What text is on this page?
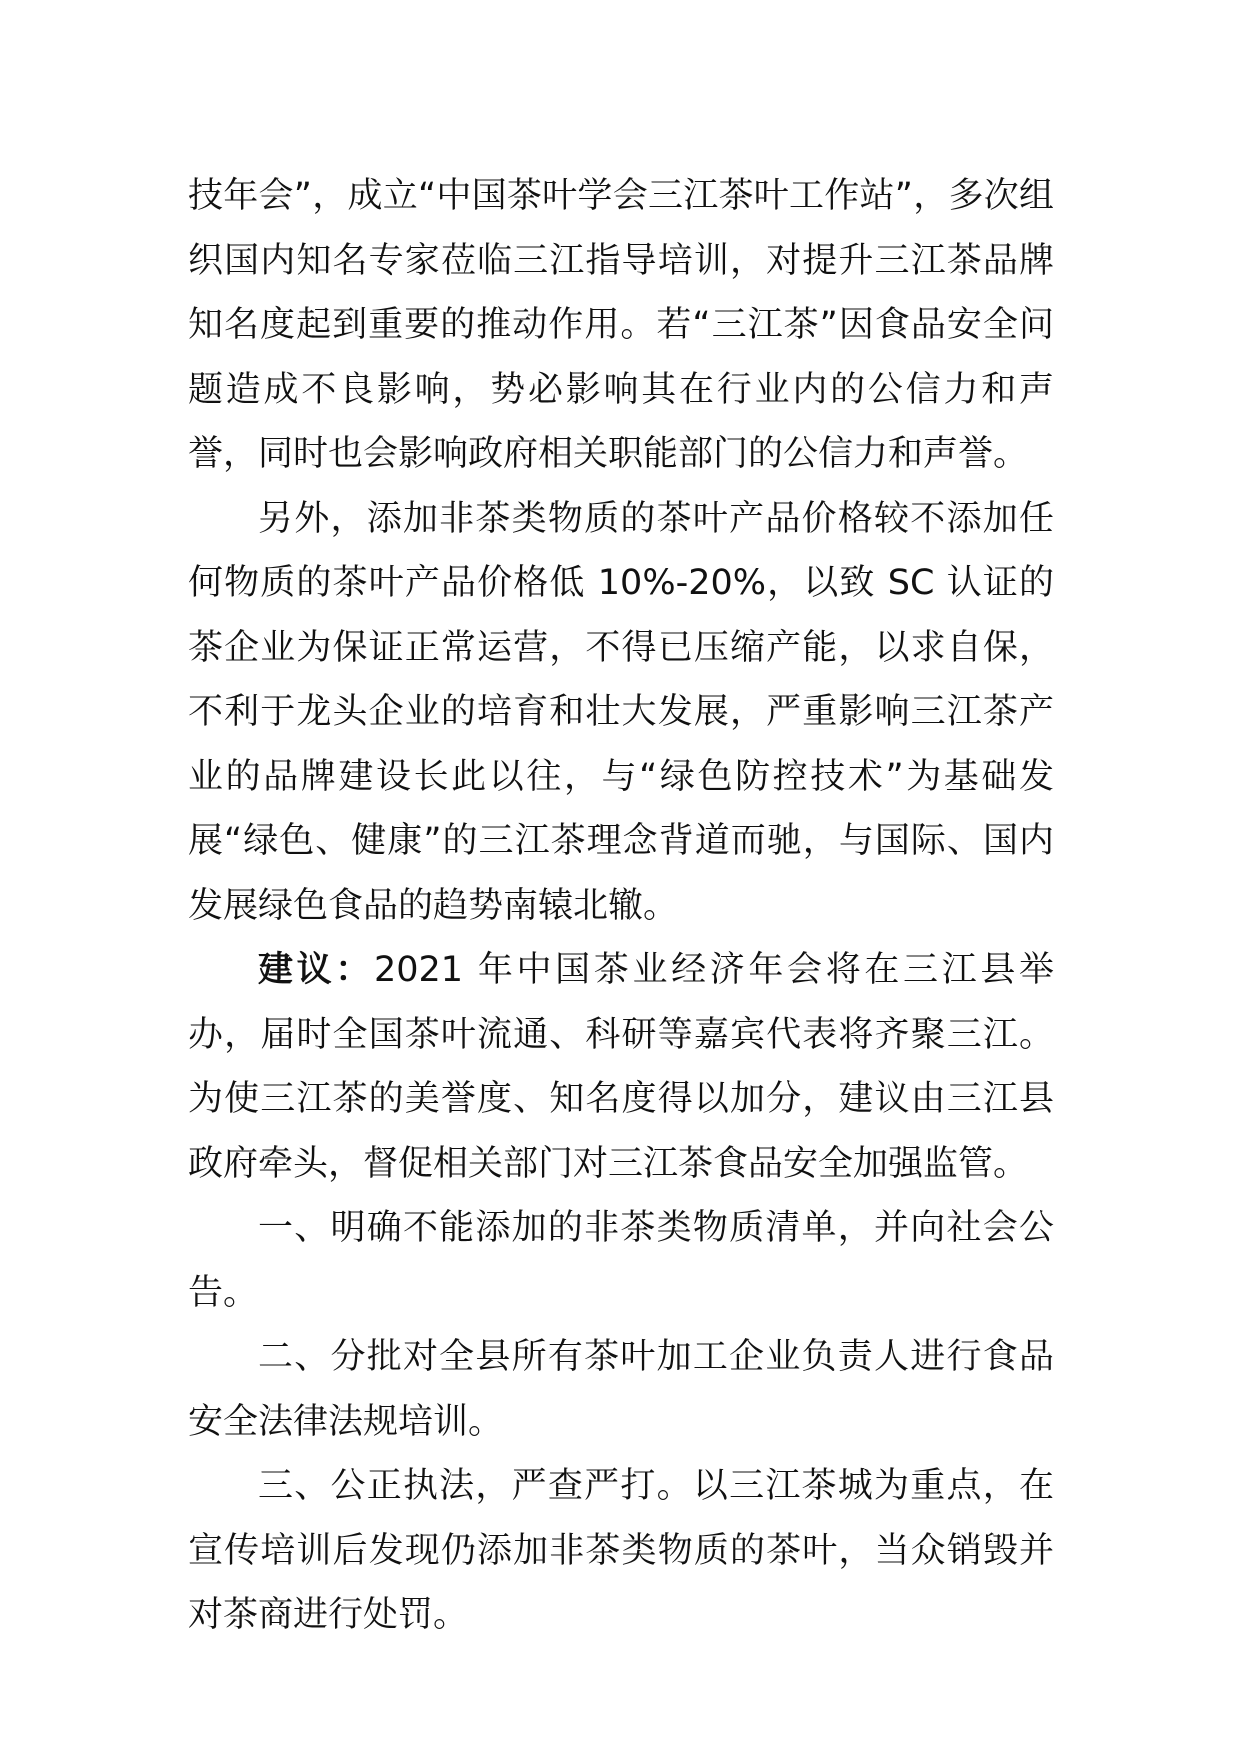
技年会”，成立“中国茶叶学会三江茶叶工作站”，多次组织国内知名专家莅临三江指导培训，对提升三江茶品牌知名度起到重要的推动作用。若“三江茶”因食品安全问题造成不良影响，势必影响其在行业内的公信力和声誉，同时也会影响政府相关职能部门的公信力和声誉。

另外，添加非茶类物质的茶叶产品价格较不添加任何物质的茶叶产品价格低 10%-20%，以致 SC 认证的茶企业为保证正常运营，不得已压缩产能，以求自保，不利于龙头企业的培育和壮大发展，严重影响三江茶产业的品牌建设长此以往，与“绿色防控技术”为基础发展“绿色、健康”的三江茶理念背道而驰，与国际、国内发展绿色食品的趋势南辕北辙。

建议：2021 年中国茶业经济年会将在三江县举办，届时全国茶叶流通、科研等嘉宾代表将齐聚三江。为使三江茶的美誉度、知名度得以加分，建议由三江县政府牵头，督促相关部门对三江茶食品安全加强监管。

一、明确不能添加的非茶类物质清单，并向社会公告。

二、分批对全县所有茶叶加工企业负责人进行食品安全法律法规培训。

三、公正执法，严查严打。以三江茶城为重点，在宣传培训后发现仍添加非茶类物质的茶叶，当众销毁并对茶商进行处罚。
